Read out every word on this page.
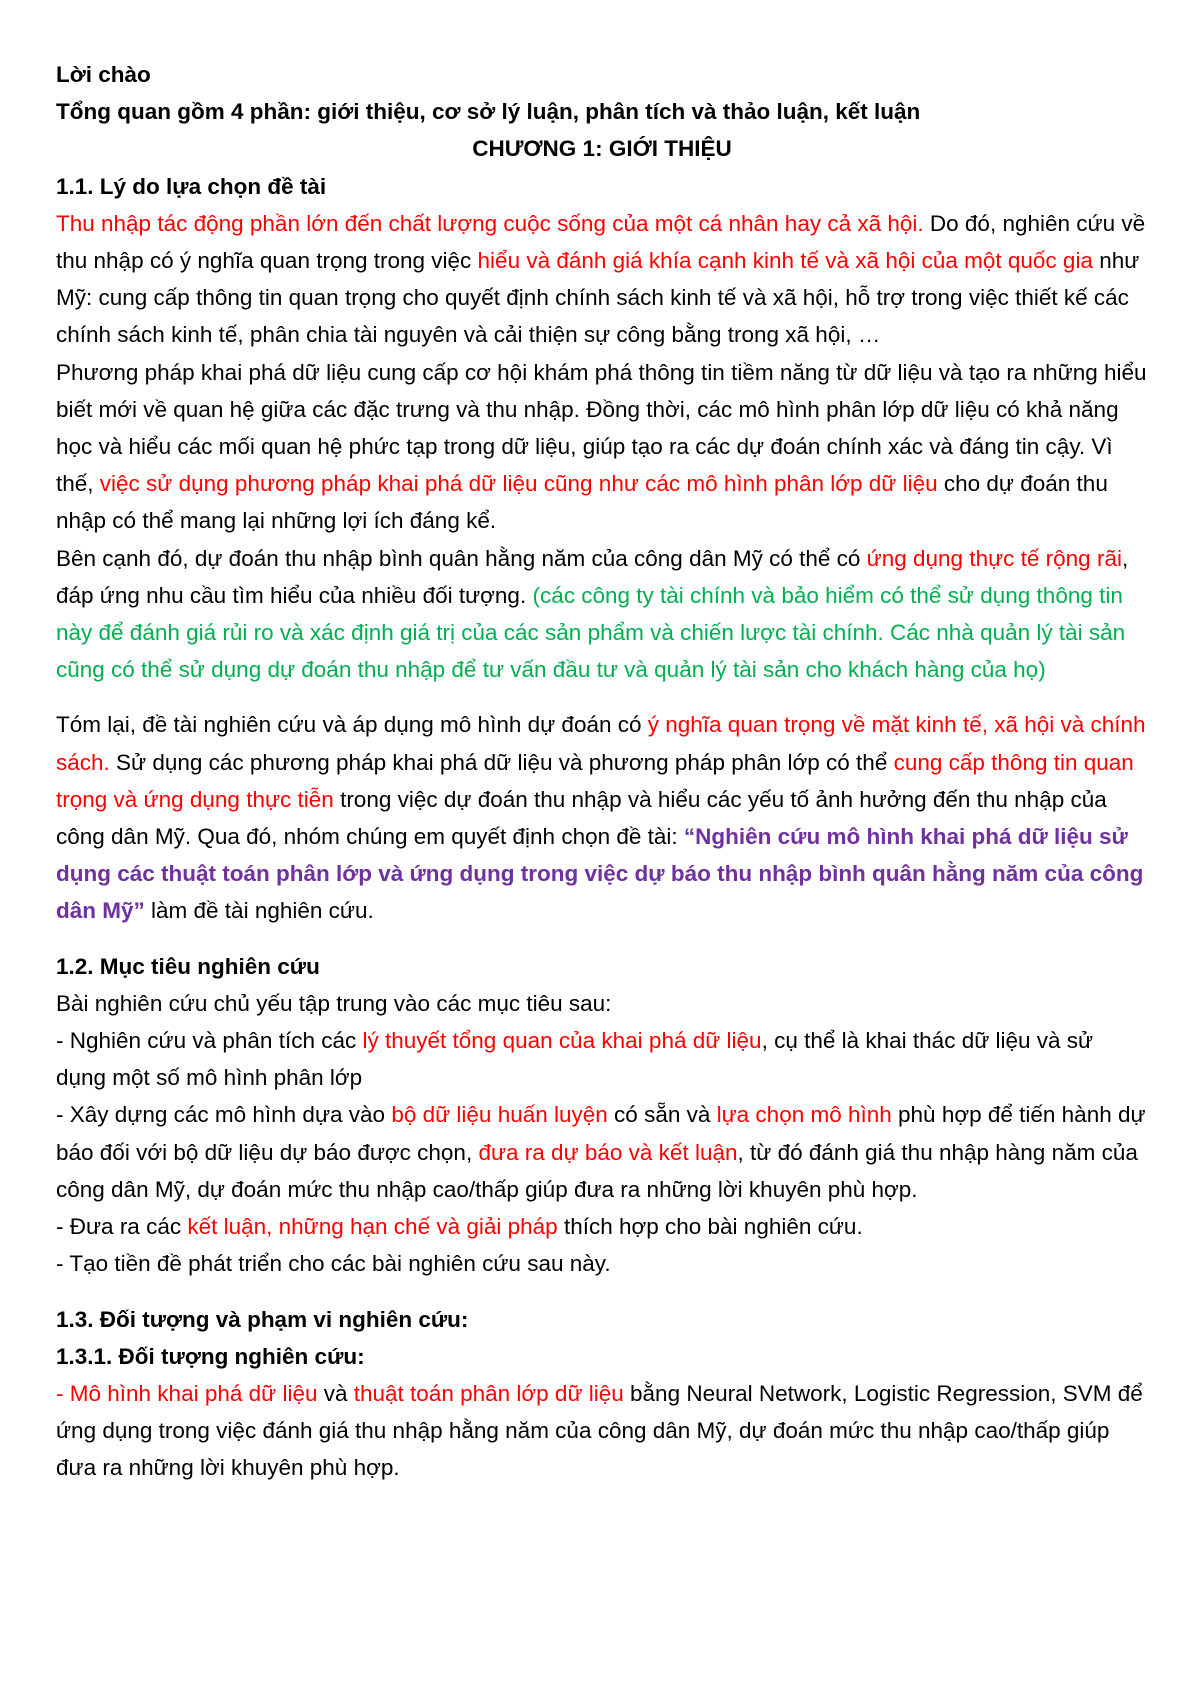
Lời chào

Tổng quan gồm 4 phần: giới thiệu, cơ sở lý luận, phân tích và thảo luận, kết luận

CHƯƠNG 1: GIỚI THIỆU

1.1. Lý do lựa chọn đề tài

Thu nhập tác động phần lớn đến chất lượng cuộc sống của một cá nhân hay cả xã hội. Do đó, nghiên cứu về thu nhập có ý nghĩa quan trọng trong việc hiểu và đánh giá khía cạnh kinh tế và xã hội của một quốc gia như Mỹ: cung cấp thông tin quan trọng cho quyết định chính sách kinh tế và xã hội, hỗ trợ trong việc thiết kế các chính sách kinh tế, phân chia tài nguyên và cải thiện sự công bằng trong xã hội, …

Phương pháp khai phá dữ liệu cung cấp cơ hội khám phá thông tin tiềm năng từ dữ liệu và tạo ra những hiểu biết mới về quan hệ giữa các đặc trưng và thu nhập. Đồng thời, các mô hình phân lớp dữ liệu có khả năng học và hiểu các mối quan hệ phức tạp trong dữ liệu, giúp tạo ra các dự đoán chính xác và đáng tin cậy. Vì thế, việc sử dụng phương pháp khai phá dữ liệu cũng như các mô hình phân lớp dữ liệu cho dự đoán thu nhập có thể mang lại những lợi ích đáng kể.

Bên cạnh đó, dự đoán thu nhập bình quân hằng năm của công dân Mỹ có thể có ứng dụng thực tế rộng rãi, đáp ứng nhu cầu tìm hiểu của nhiều đối tượng. (các công ty tài chính và bảo hiểm có thể sử dụng thông tin này để đánh giá rủi ro và xác định giá trị của các sản phẩm và chiến lược tài chính. Các nhà quản lý tài sản cũng có thể sử dụng dự đoán thu nhập để tư vấn đầu tư và quản lý tài sản cho khách hàng của họ)

Tóm lại, đề tài nghiên cứu và áp dụng mô hình dự đoán có ý nghĩa quan trọng về mặt kinh tế, xã hội và chính sách. Sử dụng các phương pháp khai phá dữ liệu và phương pháp phân lớp có thể cung cấp thông tin quan trọng và ứng dụng thực tiễn trong việc dự đoán thu nhập và hiểu các yếu tố ảnh hưởng đến thu nhập của công dân Mỹ. Qua đó, nhóm chúng em quyết định chọn đề tài: “Nghiên cứu mô hình khai phá dữ liệu sử dụng các thuật toán phân lớp và ứng dụng trong việc dự báo thu nhập bình quân hằng năm của công dân Mỹ” làm đề tài nghiên cứu.

1.2. Mục tiêu nghiên cứu

Bài nghiên cứu chủ yếu tập trung vào các mục tiêu sau:

- Nghiên cứu và phân tích các lý thuyết tổng quan của khai phá dữ liệu, cụ thể là khai thác dữ liệu và sử dụng một số mô hình phân lớp

- Xây dựng các mô hình dựa vào bộ dữ liệu huấn luyện có sẵn và lựa chọn mô hình phù hợp để tiến hành dự báo đối với bộ dữ liệu dự báo được chọn, đưa ra dự báo và kết luận, từ đó đánh giá thu nhập hàng năm của công dân Mỹ, dự đoán mức thu nhập cao/thấp giúp đưa ra những lời khuyên phù hợp.

- Đưa ra các kết luận, những hạn chế và giải pháp thích hợp cho bài nghiên cứu.

- Tạo tiền đề phát triển cho các bài nghiên cứu sau này.

1.3. Đối tượng và phạm vi nghiên cứu:

1.3.1. Đối tượng nghiên cứu:

- Mô hình khai phá dữ liệu và thuật toán phân lớp dữ liệu bằng Neural Network, Logistic Regression, SVM để ứng dụng trong việc đánh giá thu nhập hằng năm của công dân Mỹ, dự đoán mức thu nhập cao/thấp giúp đưa ra những lời khuyên phù hợp.
